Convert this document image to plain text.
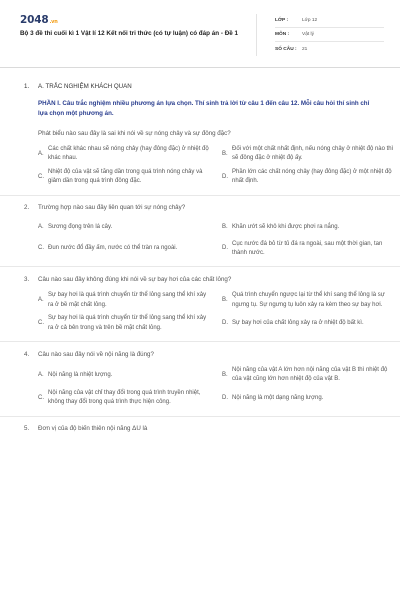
2048.vn
Bộ 3 đề thi cuối kì 1 Vật lí 12 Kết nối tri thức (có tự luận) có đáp án - Đề 1
LỚP :	Lớp 12
MÔN :	Vật lý
SỐ CÂU :	21
1.	A. TRẮC NGHIỆM KHÁCH QUAN
PHẦN I. Câu trắc nghiệm nhiều phương án lựa chọn. Thí sinh trả lời từ câu 1 đến câu 12. Mỗi câu hỏi thí sinh chỉ lựa chọn một phương án.
Phát biểu nào sau đây là sai khi nói về sự nóng chảy và sự đông đặc?
A.
Các chất khác nhau sẽ nóng chảy (hay đông đặc) ở nhiệt độ khác nhau.
B.
Đối với một chất nhất định, nếu nóng chảy ở nhiệt độ nào thì sẽ đông đặc ở nhiệt độ ấy.
C.
Nhiệt độ của vật sẽ tăng dần trong quá trình nóng chảy và giảm dần trong quá trình đông đặc.
D.
Phần lớn các chất nóng chảy (hay đông đặc) ở một nhiệt độ nhất định.
2.	Trường hợp nào sau đây liên quan tới sự nóng chảy?
A. Sương đọng trên lá cây.	B. Khăn ướt sẽ khô khi được phơi ra nắng.
C. Đun nước đổ đầy ấm, nước có thể tràn ra ngoài.	D.
Cục nước đá bỏ từ tủ đá ra ngoài, sau một thời gian, tan thành nước.
3.	Câu nào sau đây không đúng khi nói về sự bay hơi của các chất lỏng?
A.
Sự bay hơi là quá trình chuyển từ thể lỏng sang thể khí xảy ra ở bề mặt chất lỏng.
B.
Quá trình chuyển ngược lại từ thể khí sang thể lỏng là sự ngưng tụ. Sự ngưng tụ luôn xảy ra kèm theo sự bay hơi.
C.
Sự bay hơi là quá trình chuyển từ thể lỏng sang thể khí xảy ra ở cả bên trong và trên bề mặt chất lỏng.
D. Sự bay hơi của chất lỏng xảy ra ở nhiệt độ bất kì.
4.	Câu nào sau đây nói về nội năng là đúng?
A. Nội năng là nhiệt lượng.	B.
Nội năng của vật A lớn hơn nội năng của vật B thì nhiệt độ của vật cũng lớn hơn nhiệt độ của vật B.
C.
Nội năng của vật chỉ thay đổi trong quá trình truyền nhiệt, không thay đổi trong quá trình thực hiện công.
D. Nội năng là một dạng năng lượng.
5.	Đơn vị của độ biến thiên nội năng ΔU là
